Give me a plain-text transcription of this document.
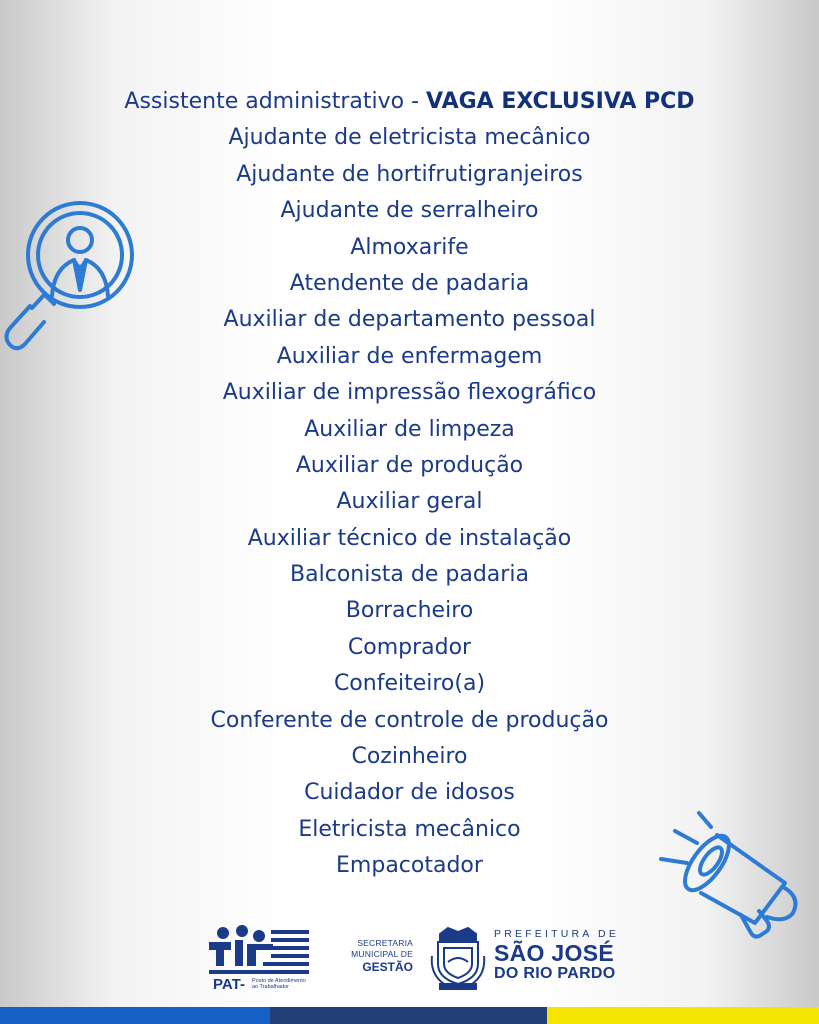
Assistente administrativo - VAGA EXCLUSIVA PCD
Ajudante de eletricista mecânico
Ajudante de hortifrutigranjeiros
Ajudante de serralheiro
Almoxarife
Atendente de padaria
Auxiliar de departamento pessoal
Auxiliar de enfermagem
Auxiliar de impressão flexográfico
Auxiliar de limpeza
Auxiliar de produção
Auxiliar geral
Auxiliar técnico de instalação
Balconista de padaria
Borracheiro
Comprador
Confeiteiro(a)
Conferente de controle de produção
Cozinheiro
Cuidador de idosos
Eletricista mecânico
Empacotador
PAT- Posto de Atendimento ao Trabalhador
SECRETARIA
MUNICIPAL DE
GESTÃO
PREFEITURA DE
SÃO JOSÉ
DO RIO PARDO
